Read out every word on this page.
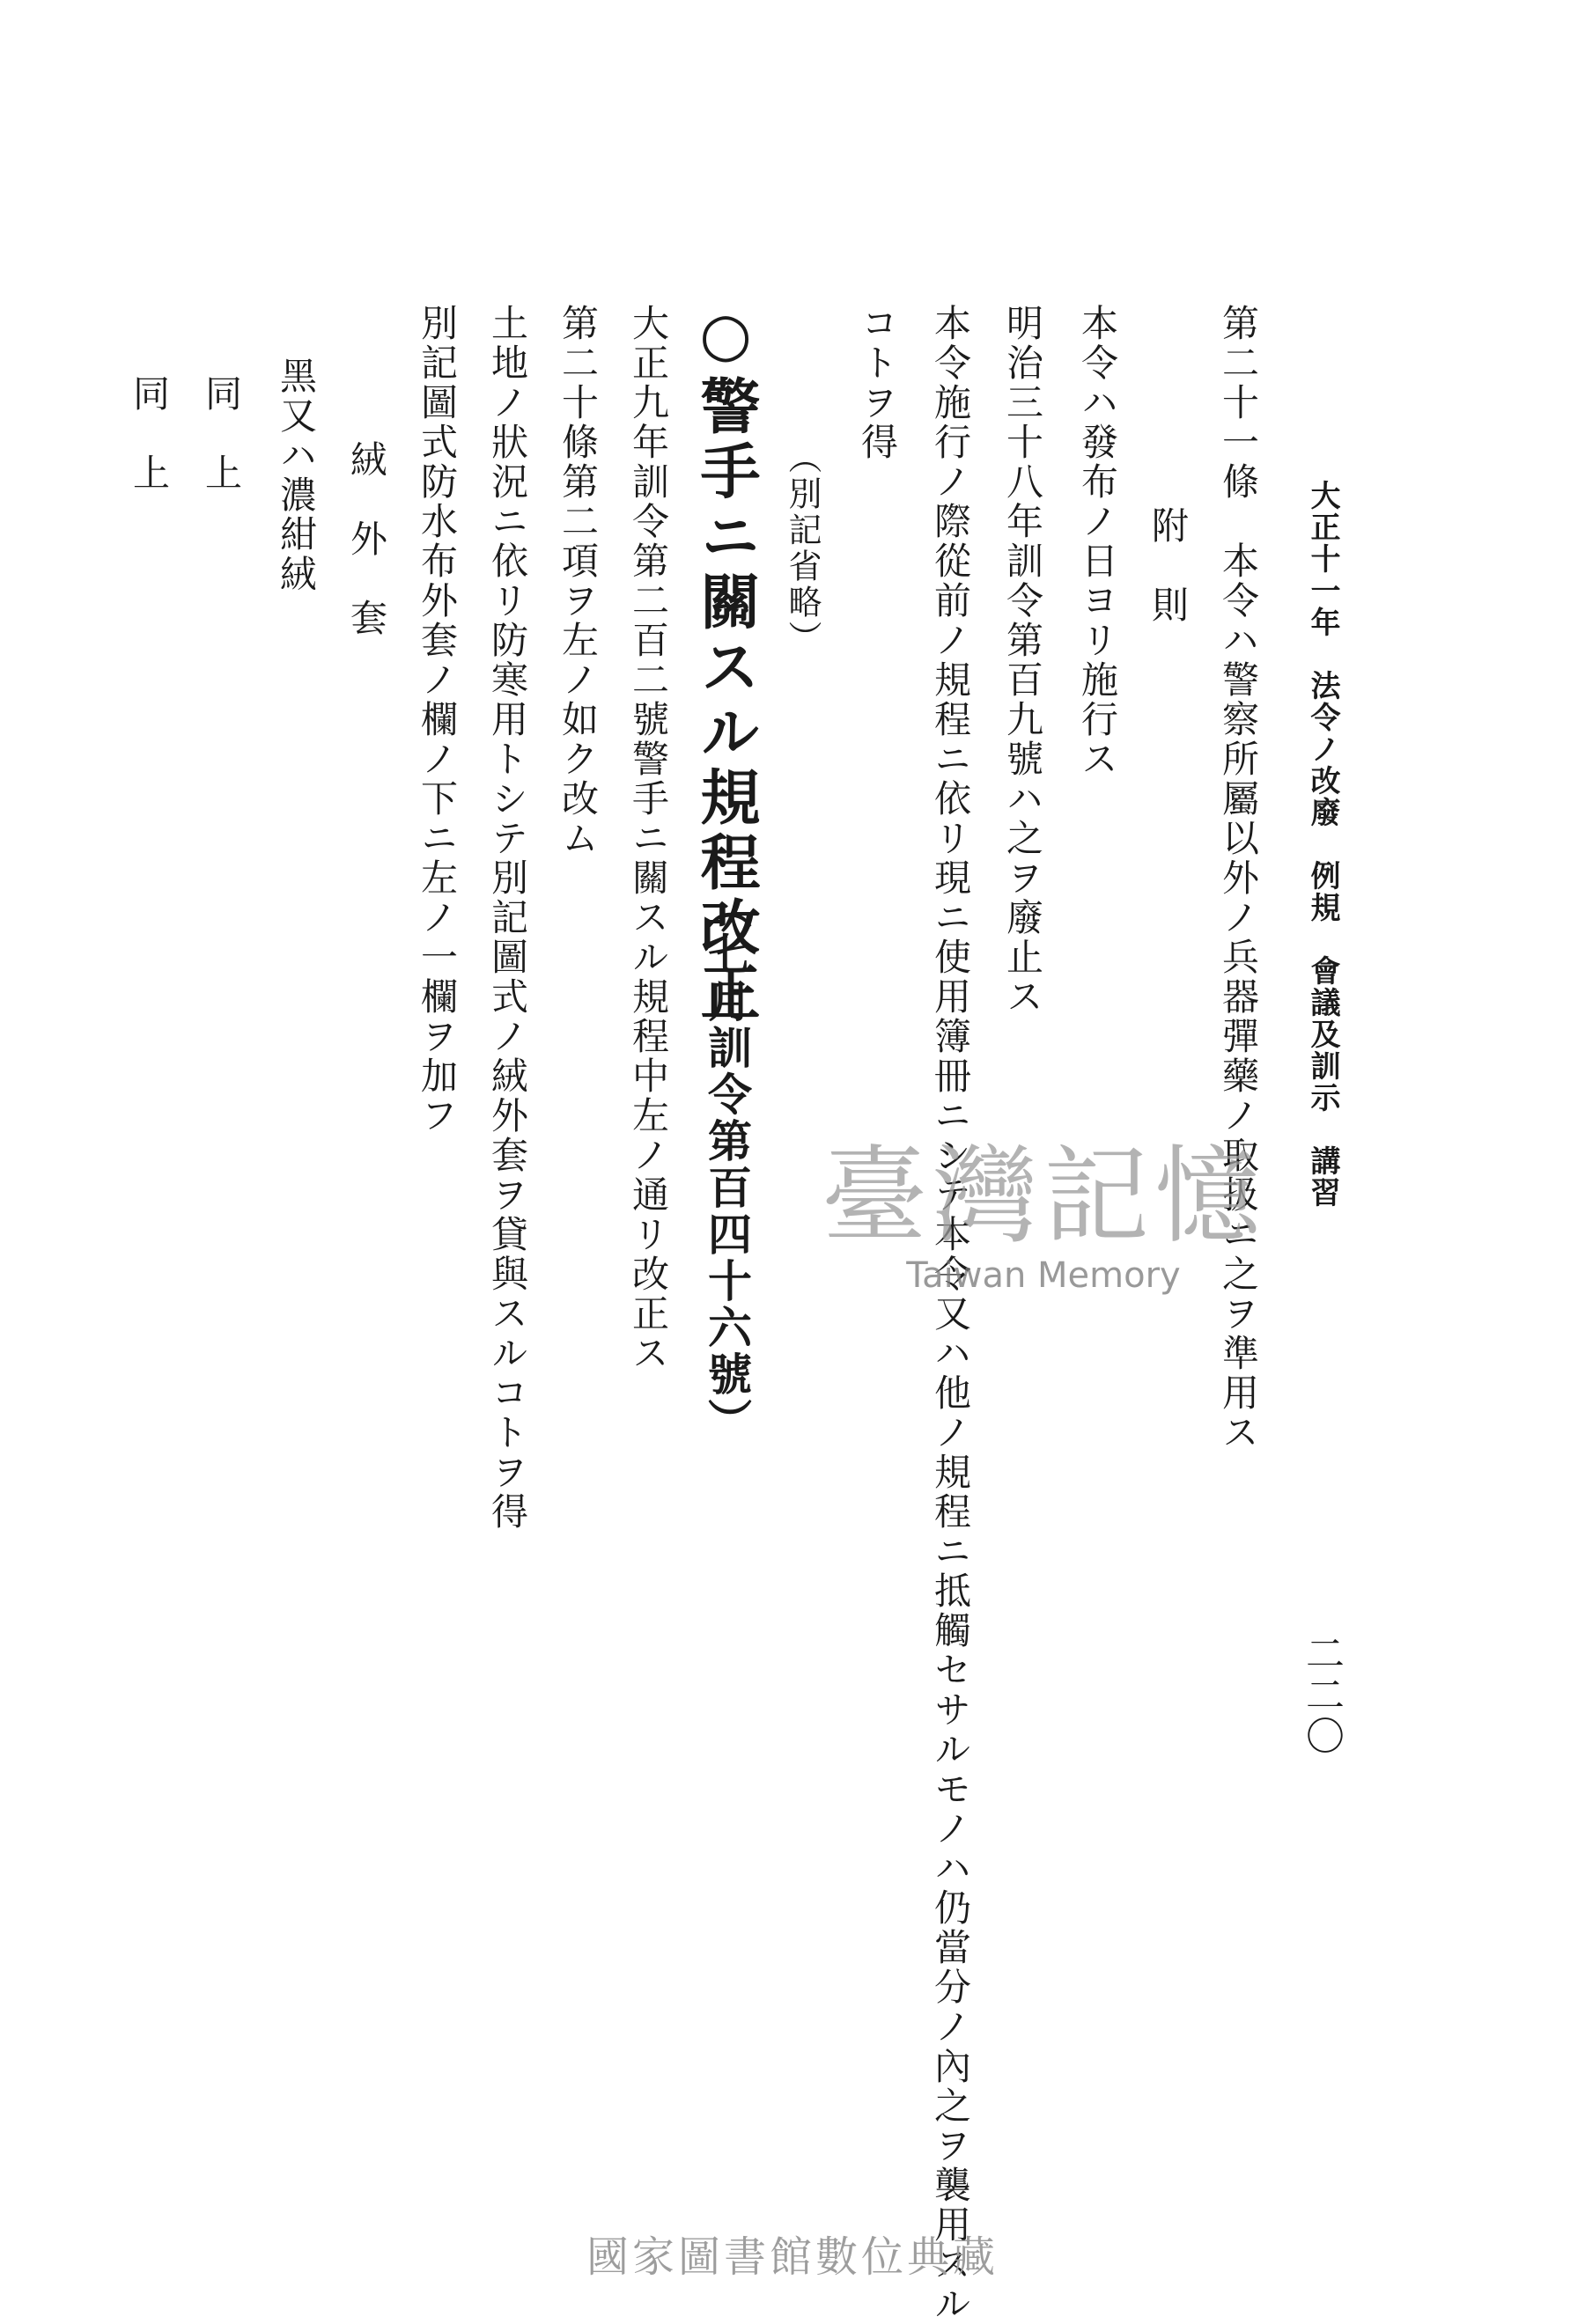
大正十一年　法令ノ改廢　例規　會議及訓示　講習
二二〇
第二十一條　本令ハ警察所屬以外ノ兵器彈藥ノ取扱ニ之ヲ準用ス
附　則
本令ハ發布ノ日ヨリ施行ス
明治三十八年訓令第百九號ハ之ヲ廢止ス
本令施行ノ際從前ノ規程ニ依リ現ニ使用簿冊ニシテ本令又ハ他ノ規程ニ抵觸セサルモノハ仍當分ノ內之ヲ襲用スル
コトヲ得
（別記省略）
○警手ニ關スル規程改正
（七月訓令第百四十六號）
大正九年訓令第二百二號警手ニ關スル規程中左ノ通リ改正ス
第二十條第二項ヲ左ノ如ク改ム
土地ノ狀況ニ依リ防寒用トシテ別記圖式ノ絨外套ヲ貸與スルコトヲ得
別記圖式防水布外套ノ欄ノ下ニ左ノ一欄ヲ加フ
絨　外　套
黑又ハ濃紺絨
同　上
同　上
臺灣記憶
Taiwan Memory
國家圖書館數位典藏
